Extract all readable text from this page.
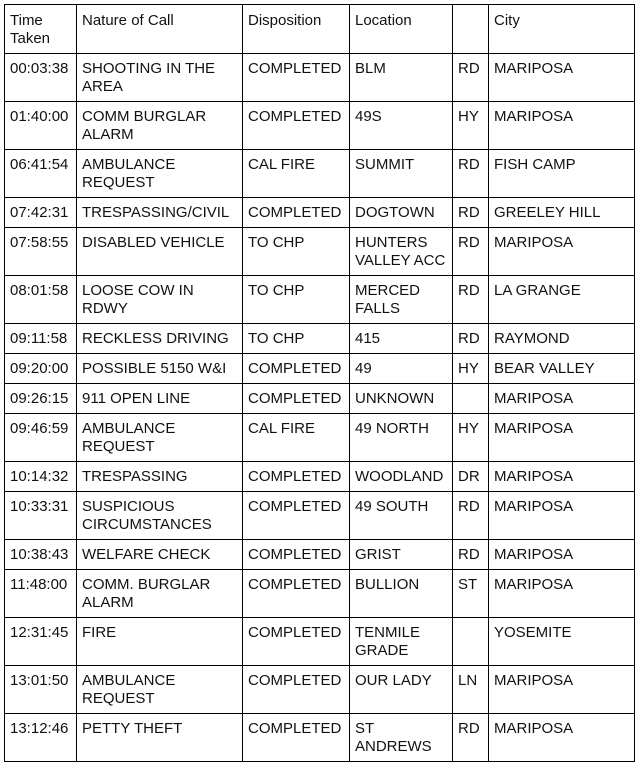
Time Taken	Nature of Call	Disposition	Location		City
00:03:38	SHOOTING IN THE AREA	COMPLETED	BLM	RD	MARIPOSA
01:40:00	COMM BURGLAR ALARM	COMPLETED	49S	HY	MARIPOSA
06:41:54	AMBULANCE REQUEST	CAL FIRE	SUMMIT	RD	FISH CAMP
07:42:31	TRESPASSING/CIVIL	COMPLETED	DOGTOWN	RD	GREELEY HILL
07:58:55	DISABLED VEHICLE	TO CHP	HUNTERS VALLEY ACC	RD	MARIPOSA
08:01:58	LOOSE COW IN RDWY	TO CHP	MERCED FALLS	RD	LA GRANGE
09:11:58	RECKLESS DRIVING	TO CHP	415	RD	RAYMOND
09:20:00	POSSIBLE 5150 W&I	COMPLETED	49	HY	BEAR VALLEY
09:26:15	911 OPEN LINE	COMPLETED	UNKNOWN		MARIPOSA
09:46:59	AMBULANCE REQUEST	CAL FIRE	49 NORTH	HY	MARIPOSA
10:14:32	TRESPASSING	COMPLETED	WOODLAND	DR	MARIPOSA
10:33:31	SUSPICIOUS CIRCUMSTANCES	COMPLETED	49 SOUTH	RD	MARIPOSA
10:38:43	WELFARE CHECK	COMPLETED	GRIST	RD	MARIPOSA
11:48:00	COMM. BURGLAR ALARM	COMPLETED	BULLION	ST	MARIPOSA
12:31:45	FIRE	COMPLETED	TENMILE GRADE		YOSEMITE
13:01:50	AMBULANCE REQUEST	COMPLETED	OUR LADY	LN	MARIPOSA
13:12:46	PETTY THEFT	COMPLETED	ST ANDREWS	RD	MARIPOSA
